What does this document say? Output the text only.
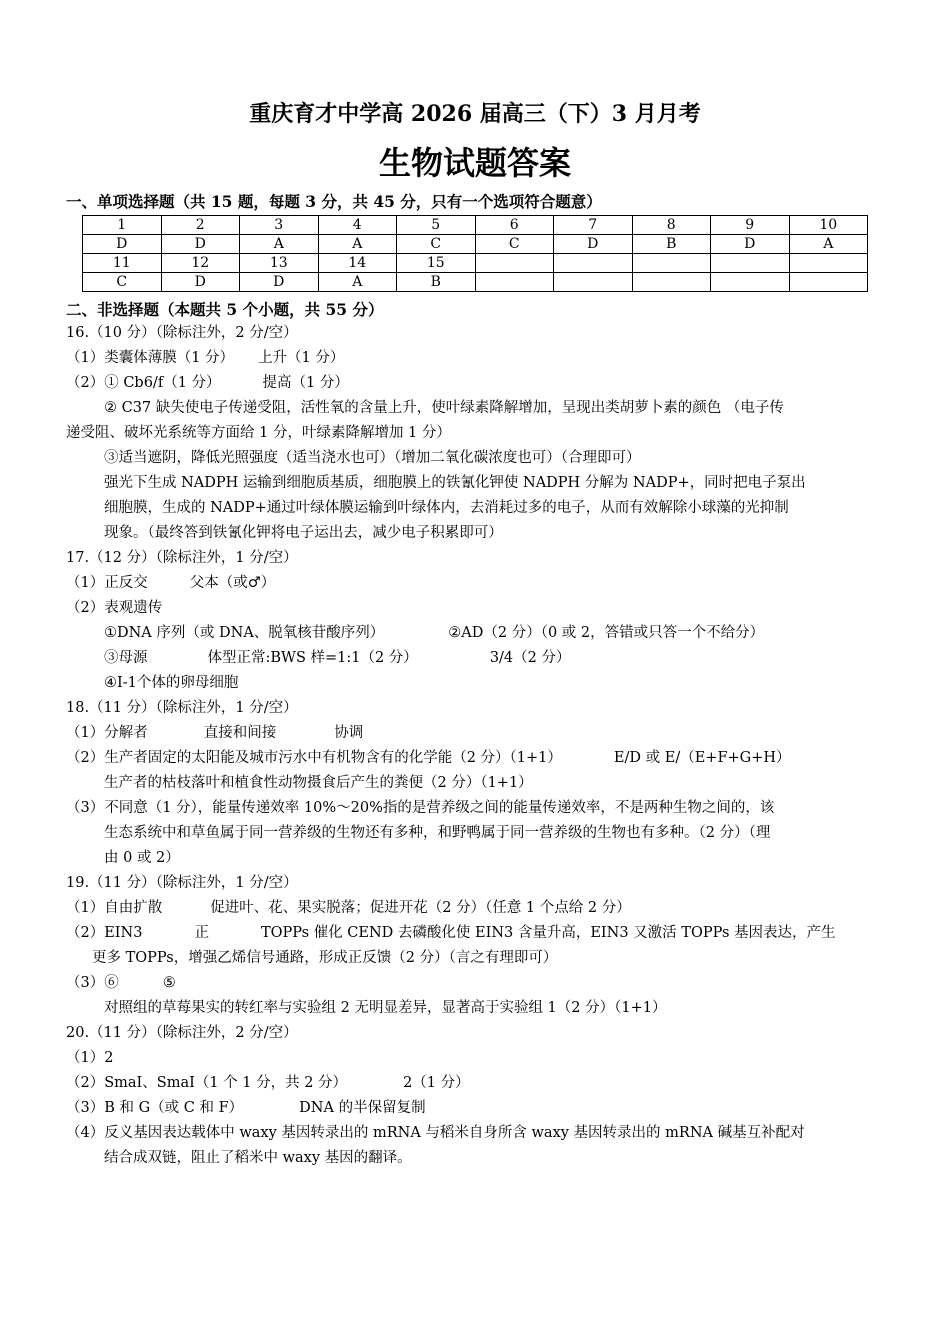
重庆育才中学高 2026 届高三（下）3 月月考
生物试题答案
一、单项选择题（共 15 题，每题 3 分，共 45 分，只有一个选项符合题意）
1	2	3	4	5	6	7	8	9	10
D	D	A	A	C	C	D	B	D	A
11	12	13	14	15					
C	D	D	A	B					
二、非选择题（本题共 5 个小题，共 55 分）
16.（10 分）（除标注外，2 分/空）
（1）类囊体薄膜（1 分） 上升（1 分）
（2）① Cb6/f（1 分）	提高（1 分）
② C37 缺失使电子传递受阻，活性氧的含量上升，使叶绿素降解增加，呈现出类胡萝卜素的颜色 （电子传
递受阻、破坏光系统等方面给 1 分，叶绿素降解增加 1 分）
③适当遮阴，降低光照强度（适当浇水也可）（增加二氧化碳浓度也可）（合理即可）
强光下生成 NADPH 运输到细胞质基质，细胞膜上的铁氰化钾使 NADPH 分解为 NADP+，同时把电子泵出
细胞膜，生成的 NADP+通过叶绿体膜运输到叶绿体内，去消耗过多的电子，从而有效解除小球藻的光抑制
现象。（最终答到铁氰化钾将电子运出去，减少电子积累即可）
17.（12 分）（除标注外，1 分/空）
（1）正反交	父本（或♂）
（2）表观遗传
①DNA 序列（或 DNA、脱氧核苷酸序列）	②AD（2 分）（0 或 2，答错或只答一个不给分）
③母源	体型正常:BWS 样=1:1（2 分）	3/4（2 分）
④Ⅰ-1个体的卵母细胞
18.（11 分）（除标注外，1 分/空）
（1）分解者	直接和间接	协调
（2）生产者固定的太阳能及城市污水中有机物含有的化学能（2 分）（1+1）	E/D 或 E/（E+F+G+H）
生产者的枯枝落叶和植食性动物摄食后产生的粪便（2 分）（1+1）
（3）不同意（1 分），能量传递效率 10%～20%指的是营养级之间的能量传递效率，不是两种生物之间的，该
生态系统中和草鱼属于同一营养级的生物还有多种，和野鸭属于同一营养级的生物也有多种。（2 分）（理
由 0 或 2）
19.（11 分）（除标注外，1 分/空）
（1）自由扩散	促进叶、花、果实脱落；促进开花（2 分）（任意 1 个点给 2 分）
（2）EIN3	正	TOPPs 催化 CEND 去磷酸化使 EIN3 含量升高，EIN3 又激活 TOPPs 基因表达，产生
更多 TOPPs，增强乙烯信号通路，形成正反馈（2 分）（言之有理即可）
（3）⑥	⑤
对照组的草莓果实的转红率与实验组 2 无明显差异，显著高于实验组 1（2 分）（1+1）
20.（11 分）（除标注外，2 分/空）
（1）2
（2）SmaⅠ、SmaⅠ（1 个 1 分，共 2 分）	2（1 分）
（3）B 和 G（或 C 和 F）	DNA 的半保留复制
（4）反义基因表达载体中 waxy 基因转录出的 mRNA 与稻米自身所含 waxy 基因转录出的 mRNA 碱基互补配对
结合成双链，阻止了稻米中 waxy 基因的翻译。
